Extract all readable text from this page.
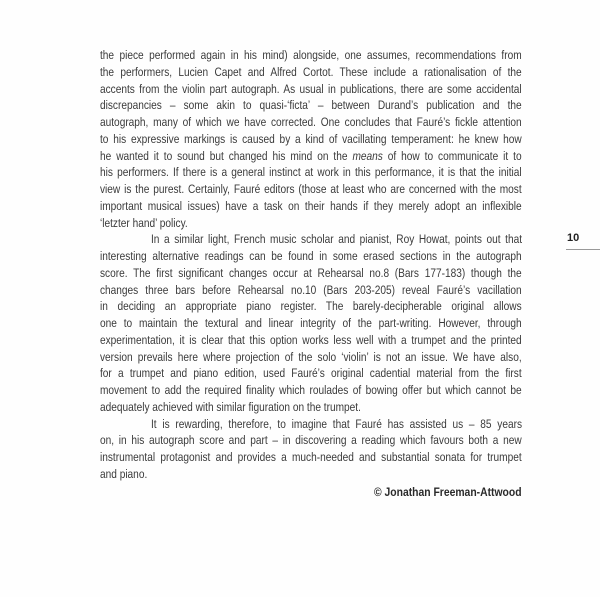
the piece performed again in his mind) alongside, one assumes, recommendations from
the performers, Lucien Capet and Alfred Cortot. These include a rationalisation of the
accents from the violin part autograph. As usual in publications, there are some accidental
discrepancies – some akin to quasi-‘ficta’ – between Durand’s publication and the
autograph, many of which we have corrected. One concludes that Fauré’s fickle attention
to his expressive markings is caused by a kind of vacillating temperament: he knew how
he wanted it to sound but changed his mind on the means of how to communicate it to
his performers. If there is a general instinct at work in this performance, it is that the initial
view is the purest. Certainly, Fauré editors (those at least who are concerned with the most
important musical issues) have a task on their hands if they merely adopt an inflexible
‘letzter hand’ policy.
In a similar light, French music scholar and pianist, Roy Howat, points out that
interesting alternative readings can be found in some erased sections in the autograph
score. The first significant changes occur at Rehearsal no.8 (Bars 177-183) though the
changes three bars before Rehearsal no.10 (Bars 203-205) reveal Fauré’s vacillation
in deciding an appropriate piano register. The barely-decipherable original allows
one to maintain the textural and linear integrity of the part-writing. However, through
experimentation, it is clear that this option works less well with a trumpet and the printed
version prevails here where projection of the solo ‘violin’ is not an issue. We have also,
for a trumpet and piano edition, used Fauré’s original cadential material from the first
movement to add the required finality which roulades of bowing offer but which cannot be
adequately achieved with similar figuration on the trumpet.
It is rewarding, therefore, to imagine that Fauré has assisted us – 85 years
on, in his autograph score and part – in discovering a reading which favours both a new
instrumental protagonist and provides a much-needed and substantial sonata for trumpet
and piano.
10
© Jonathan Freeman-Attwood
